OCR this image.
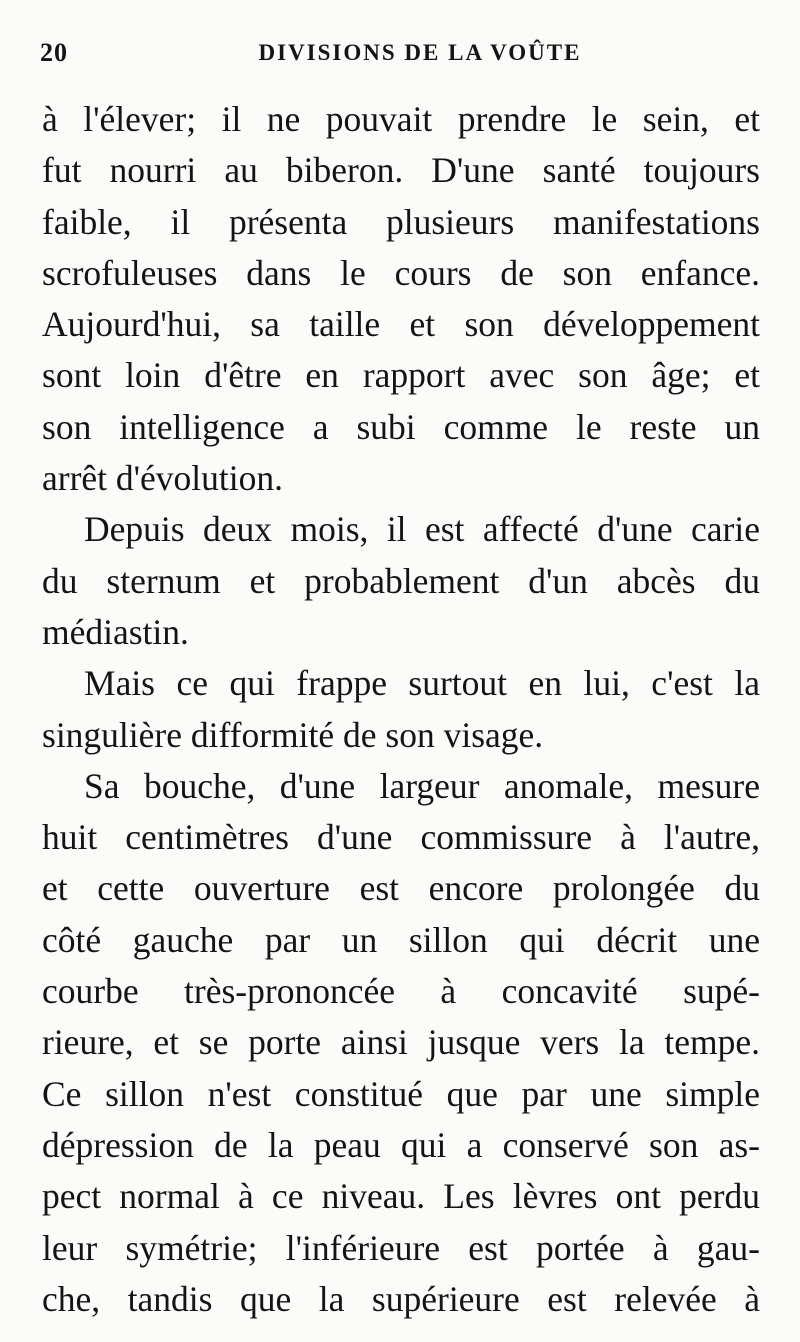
20	DIVISIONS DE LA VOÛTE
à l'élever; il ne pouvait prendre le sein, et
fut nourri au biberon. D'une santé toujours
faible, il présenta plusieurs manifestations
scrofuleuses dans le cours de son enfance.
Aujourd'hui, sa taille et son développement
sont loin d'être en rapport avec son âge; et
son intelligence a subi comme le reste un
arrêt d'évolution.
Depuis deux mois, il est affecté d'une carie
du sternum et probablement d'un abcès du
médiastin.
Mais ce qui frappe surtout en lui, c'est la
singulière difformité de son visage.
Sa bouche, d'une largeur anomale, mesure
huit centimètres d'une commissure à l'autre,
et cette ouverture est encore prolongée du
côté gauche par un sillon qui décrit une
courbe très-prononcée à concavité supé-
rieure, et se porte ainsi jusque vers la tempe.
Ce sillon n'est constitué que par une simple
dépression de la peau qui a conservé son as-
pect normal à ce niveau. Les lèvres ont perdu
leur symétrie; l'inférieure est portée à gau-
che, tandis que la supérieure est relevée à
